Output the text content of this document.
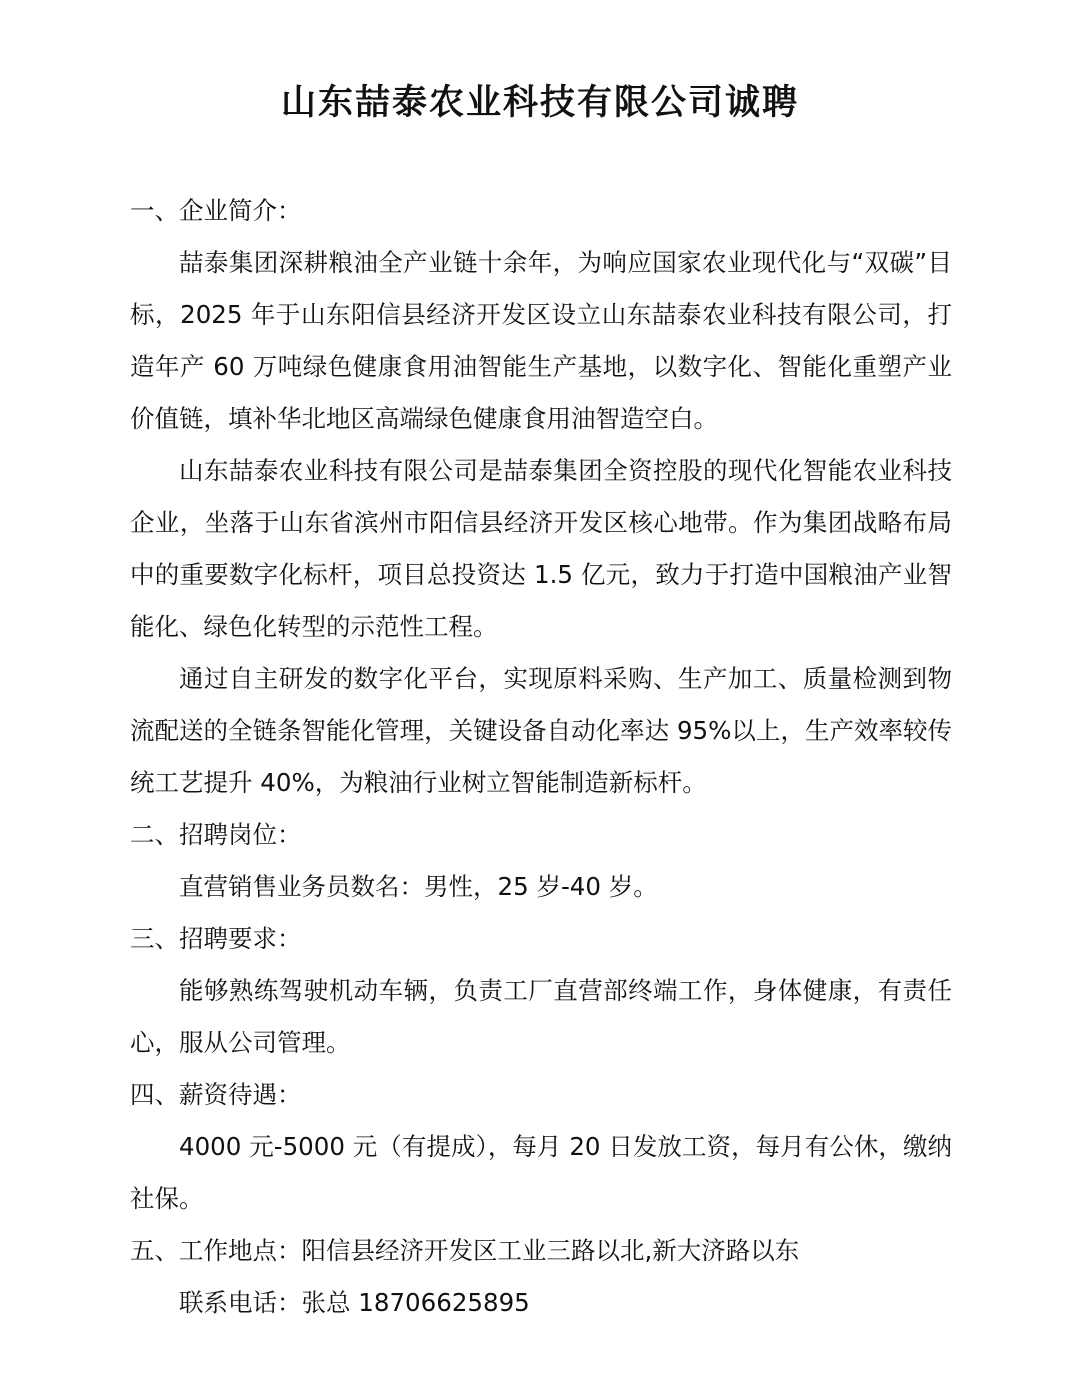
山东喆泰农业科技有限公司诚聘

一、企业简介：

喆泰集团深耕粮油全产业链十余年，为响应国家农业现代化与“双碳”目标，2025 年于山东阳信县经济开发区设立山东喆泰农业科技有限公司，打造年产 60 万吨绿色健康食用油智能生产基地，以数字化、智能化重塑产业价值链，填补华北地区高端绿色健康食用油智造空白。

山东喆泰农业科技有限公司是喆泰集团全资控股的现代化智能农业科技企业，坐落于山东省滨州市阳信县经济开发区核心地带。作为集团战略布局中的重要数字化标杆，项目总投资达 1.5 亿元，致力于打造中国粮油产业智能化、绿色化转型的示范性工程。

通过自主研发的数字化平台，实现原料采购、生产加工、质量检测到物流配送的全链条智能化管理，关键设备自动化率达 95%以上，生产效率较传统工艺提升 40%，为粮油行业树立智能制造新标杆。

二、招聘岗位：

直营销售业务员数名：男性，25 岁-40 岁。

三、招聘要求：

能够熟练驾驶机动车辆，负责工厂直营部终端工作，身体健康，有责任心，服从公司管理。

四、薪资待遇：

4000 元-5000 元（有提成），每月 20 日发放工资，每月有公休，缴纳社保。

五、工作地点：阳信县经济开发区工业三路以北,新大济路以东

联系电话：张总 18706625895
